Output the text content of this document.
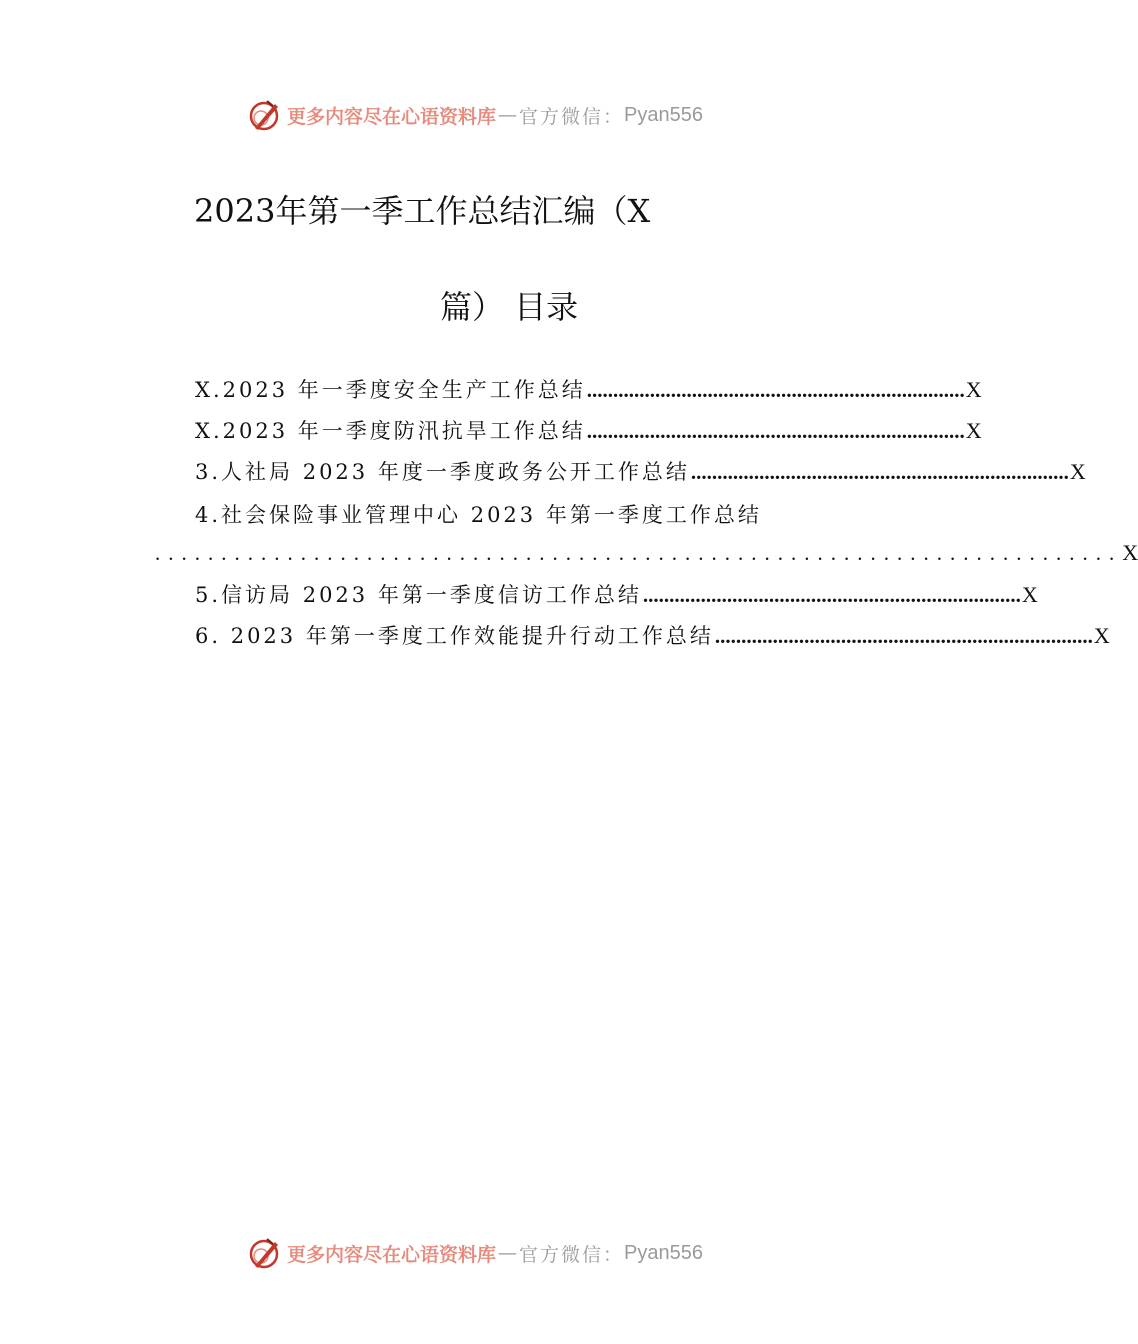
更多内容尽在心语资料库 — 官方微信： Pyan556
2023年第一季工作总结汇编（X
篇） 目录
X.2023 年一季度安全生产工作总结 ........................................................................ X
X.2023 年一季度防汛抗旱工作总结 ........................................................................ X
3.人社局 2023 年度一季度政务公开工作总结 ........................................................................ X
4.社会保险事业管理中心 2023 年第一季度工作总结
......................................................................... X
5.信访局 2023 年第一季度信访工作总结 ........................................................................ X
6. 2023 年第一季度工作效能提升行动工作总结 ........................................................................ X
更多内容尽在心语资料库 — 官方微信： Pyan556
